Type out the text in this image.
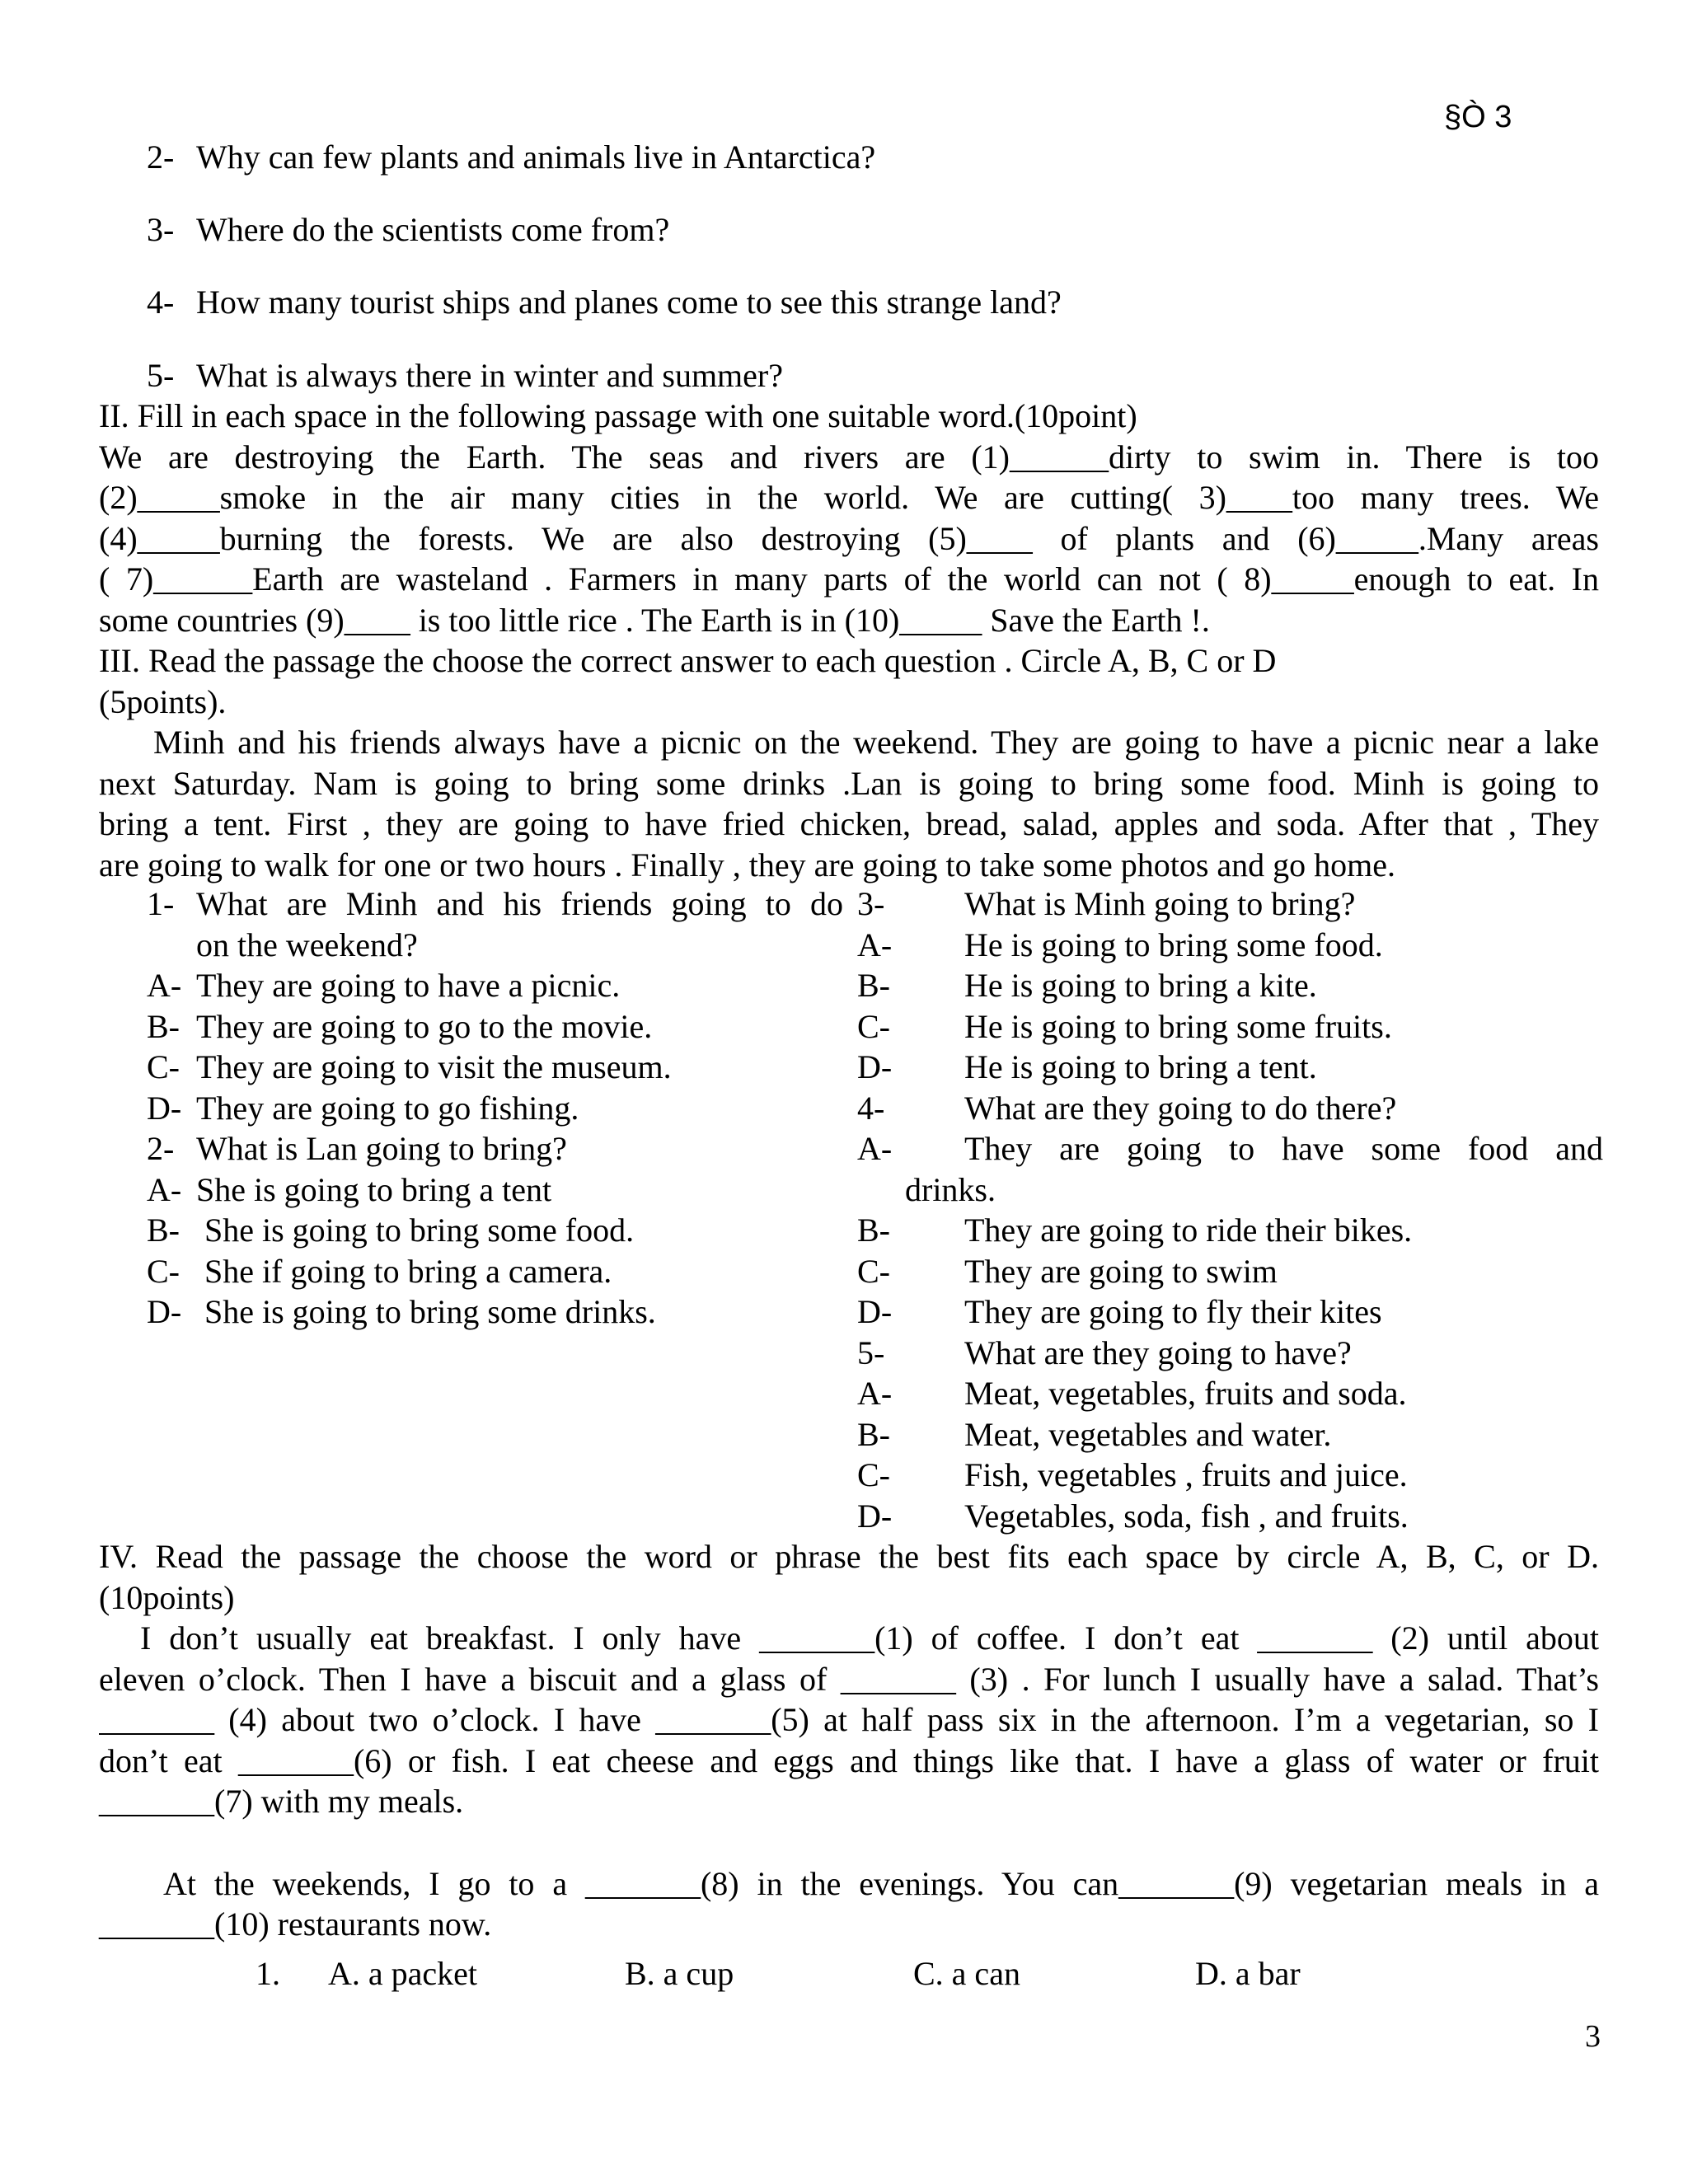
§Ò 3
2- Why can few plants and animals live in Antarctica?
3- Where do the scientists come from?
4- How many tourist ships and planes come to see this strange land?
5- What is always there in winter and summer?
II. Fill in each space in the following passage with one suitable word.(10point)
We are destroying the Earth. The seas and rivers are (1)______dirty to swim in. There is too
(2)_____smoke in the air many cities in the world. We are cutting( 3)____too many trees. We
(4)_____burning the forests. We are also destroying (5)____ of plants and (6)_____.Many areas
( 7)______Earth are wasteland . Farmers in many parts of the world can not ( 8)_____enough to eat. In
some countries (9)____ is too little rice . The Earth is in (10)_____ Save the Earth !.
III. Read the passage the choose the correct answer to each question . Circle A, B, C or D
(5points).
Minh and his friends always have a picnic on the weekend. They are going to have a picnic near a lake
next Saturday. Nam is going to bring some drinks .Lan is going to bring some food. Minh is going to
bring a tent. First , they are going to have fried chicken, bread, salad, apples and soda. After that , They
are going to walk for one or two hours . Finally , they are going to take some photos and go home.
1- What are Minh and his friends going to do
on the weekend?
A- They are going to have a picnic.
B- They are going to go to the movie.
C- They are going to visit the museum.
D- They are going to go fishing.
2- What is Lan going to bring?
A- She is going to bring a tent
B- She is going to bring some food.
C- She if going to bring a camera.
D- She is going to bring some drinks.
3-	What is Minh going to bring?
A-	He is going to bring some food.
B-	He is going to bring a kite.
C-	He is going to bring some fruits.
D-	He is going to bring a tent.
4-	What are they going to do there?
A-	They are going to have some food and
drinks.
B-	They are going to ride their bikes.
C-	They are going to swim
D-	They are going to fly their kites
5-	What are they going to have?
A-	Meat, vegetables, fruits and soda.
B-	Meat, vegetables and water.
C-	Fish, vegetables , fruits and juice.
D-	Vegetables, soda, fish , and fruits.
IV. Read the passage the choose the word or phrase the best fits each space by circle A, B, C, or D.
(10points)
I don’t usually eat breakfast. I only have _______(1) of coffee. I don’t eat _______ (2) until about
eleven o’clock. Then I have a biscuit and a glass of _______ (3) . For lunch I usually have a salad. That’s
_______ (4) about two o’clock. I have _______(5) at half pass six in the afternoon. I’m a vegetarian, so I
don’t eat _______(6) or fish. I eat cheese and eggs and things like that. I have a glass of water or fruit
_______(7) with my meals.
At the weekends, I go to a _______(8) in the evenings. You can_______(9) vegetarian meals in a
_______(10) restaurants now.
1. A. a packet	B. a cup	C. a can	D. a bar
3
